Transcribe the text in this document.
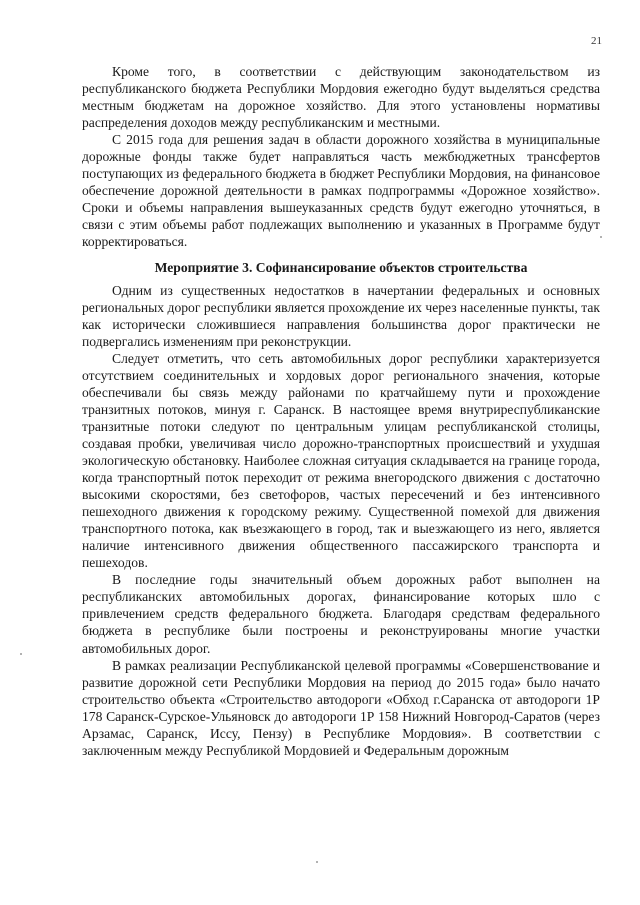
21

Кроме того, в соответствии с действующим законодательством из республиканского бюджета Республики Мордовия ежегодно будут выделяться средства местным бюджетам на дорожное хозяйство. Для этого установлены нормативы распределения доходов между республиканским и местными.

С 2015 года для решения задач в области дорожного хозяйства в муниципальные дорожные фонды также будет направляться часть межбюджетных трансфертов поступающих из федерального бюджета в бюджет Республики Мордовия, на финансовое обеспечение дорожной деятельности в рамках подпрограммы «Дорожное хозяйство». Сроки и объемы направления вышеуказанных средств будут ежегодно уточняться, в связи с этим объемы работ подлежащих выполнению и указанных в Программе будут корректироваться.

Мероприятие 3. Софинансирование объектов строительства

Одним из существенных недостатков в начертании федеральных и основных региональных дорог республики является прохождение их через населенные пункты, так как исторически сложившиеся направления большинства дорог практически не подвергались изменениям при реконструкции.

Следует отметить, что сеть автомобильных дорог республики характеризуется отсутствием соединительных и хордовых дорог регионального значения, которые обеспечивали бы связь между районами по кратчайшему пути и прохождение транзитных потоков, минуя г. Саранск. В настоящее время внутриреспубликанские транзитные потоки следуют по центральным улицам республиканской столицы, создавая пробки, увеличивая число дорожно-транспортных происшествий и ухудшая экологическую обстановку. Наиболее сложная ситуация складывается на границе города, когда транспортный поток переходит от режима внегородского движения с достаточно высокими скоростями, без светофоров, частых пересечений и без интенсивного пешеходного движения к городскому режиму. Существенной помехой для движения транспортного потока, как въезжающего в город, так и выезжающего из него, является наличие интенсивного движения общественного пассажирского транспорта и пешеходов.

В последние годы значительный объем дорожных работ выполнен на республиканских автомобильных дорогах, финансирование которых шло с привлечением средств федерального бюджета. Благодаря средствам федерального бюджета в республике были построены и реконструированы многие участки автомобильных дорог.

В рамках реализации Республиканской целевой программы «Совершенствование и развитие дорожной сети Республики Мордовия на период до 2015 года» было начато строительство объекта «Строительство автодороги «Обход г.Саранска от автодороги 1Р 178 Саранск-Сурское-Ульяновск до автодороги 1Р 158 Нижний Новгород-Саратов (через Арзамас, Саранск, Иссу, Пензу) в Республике Мордовия». В соответствии с заключенным между Республикой Мордовией и Федеральным дорожным
